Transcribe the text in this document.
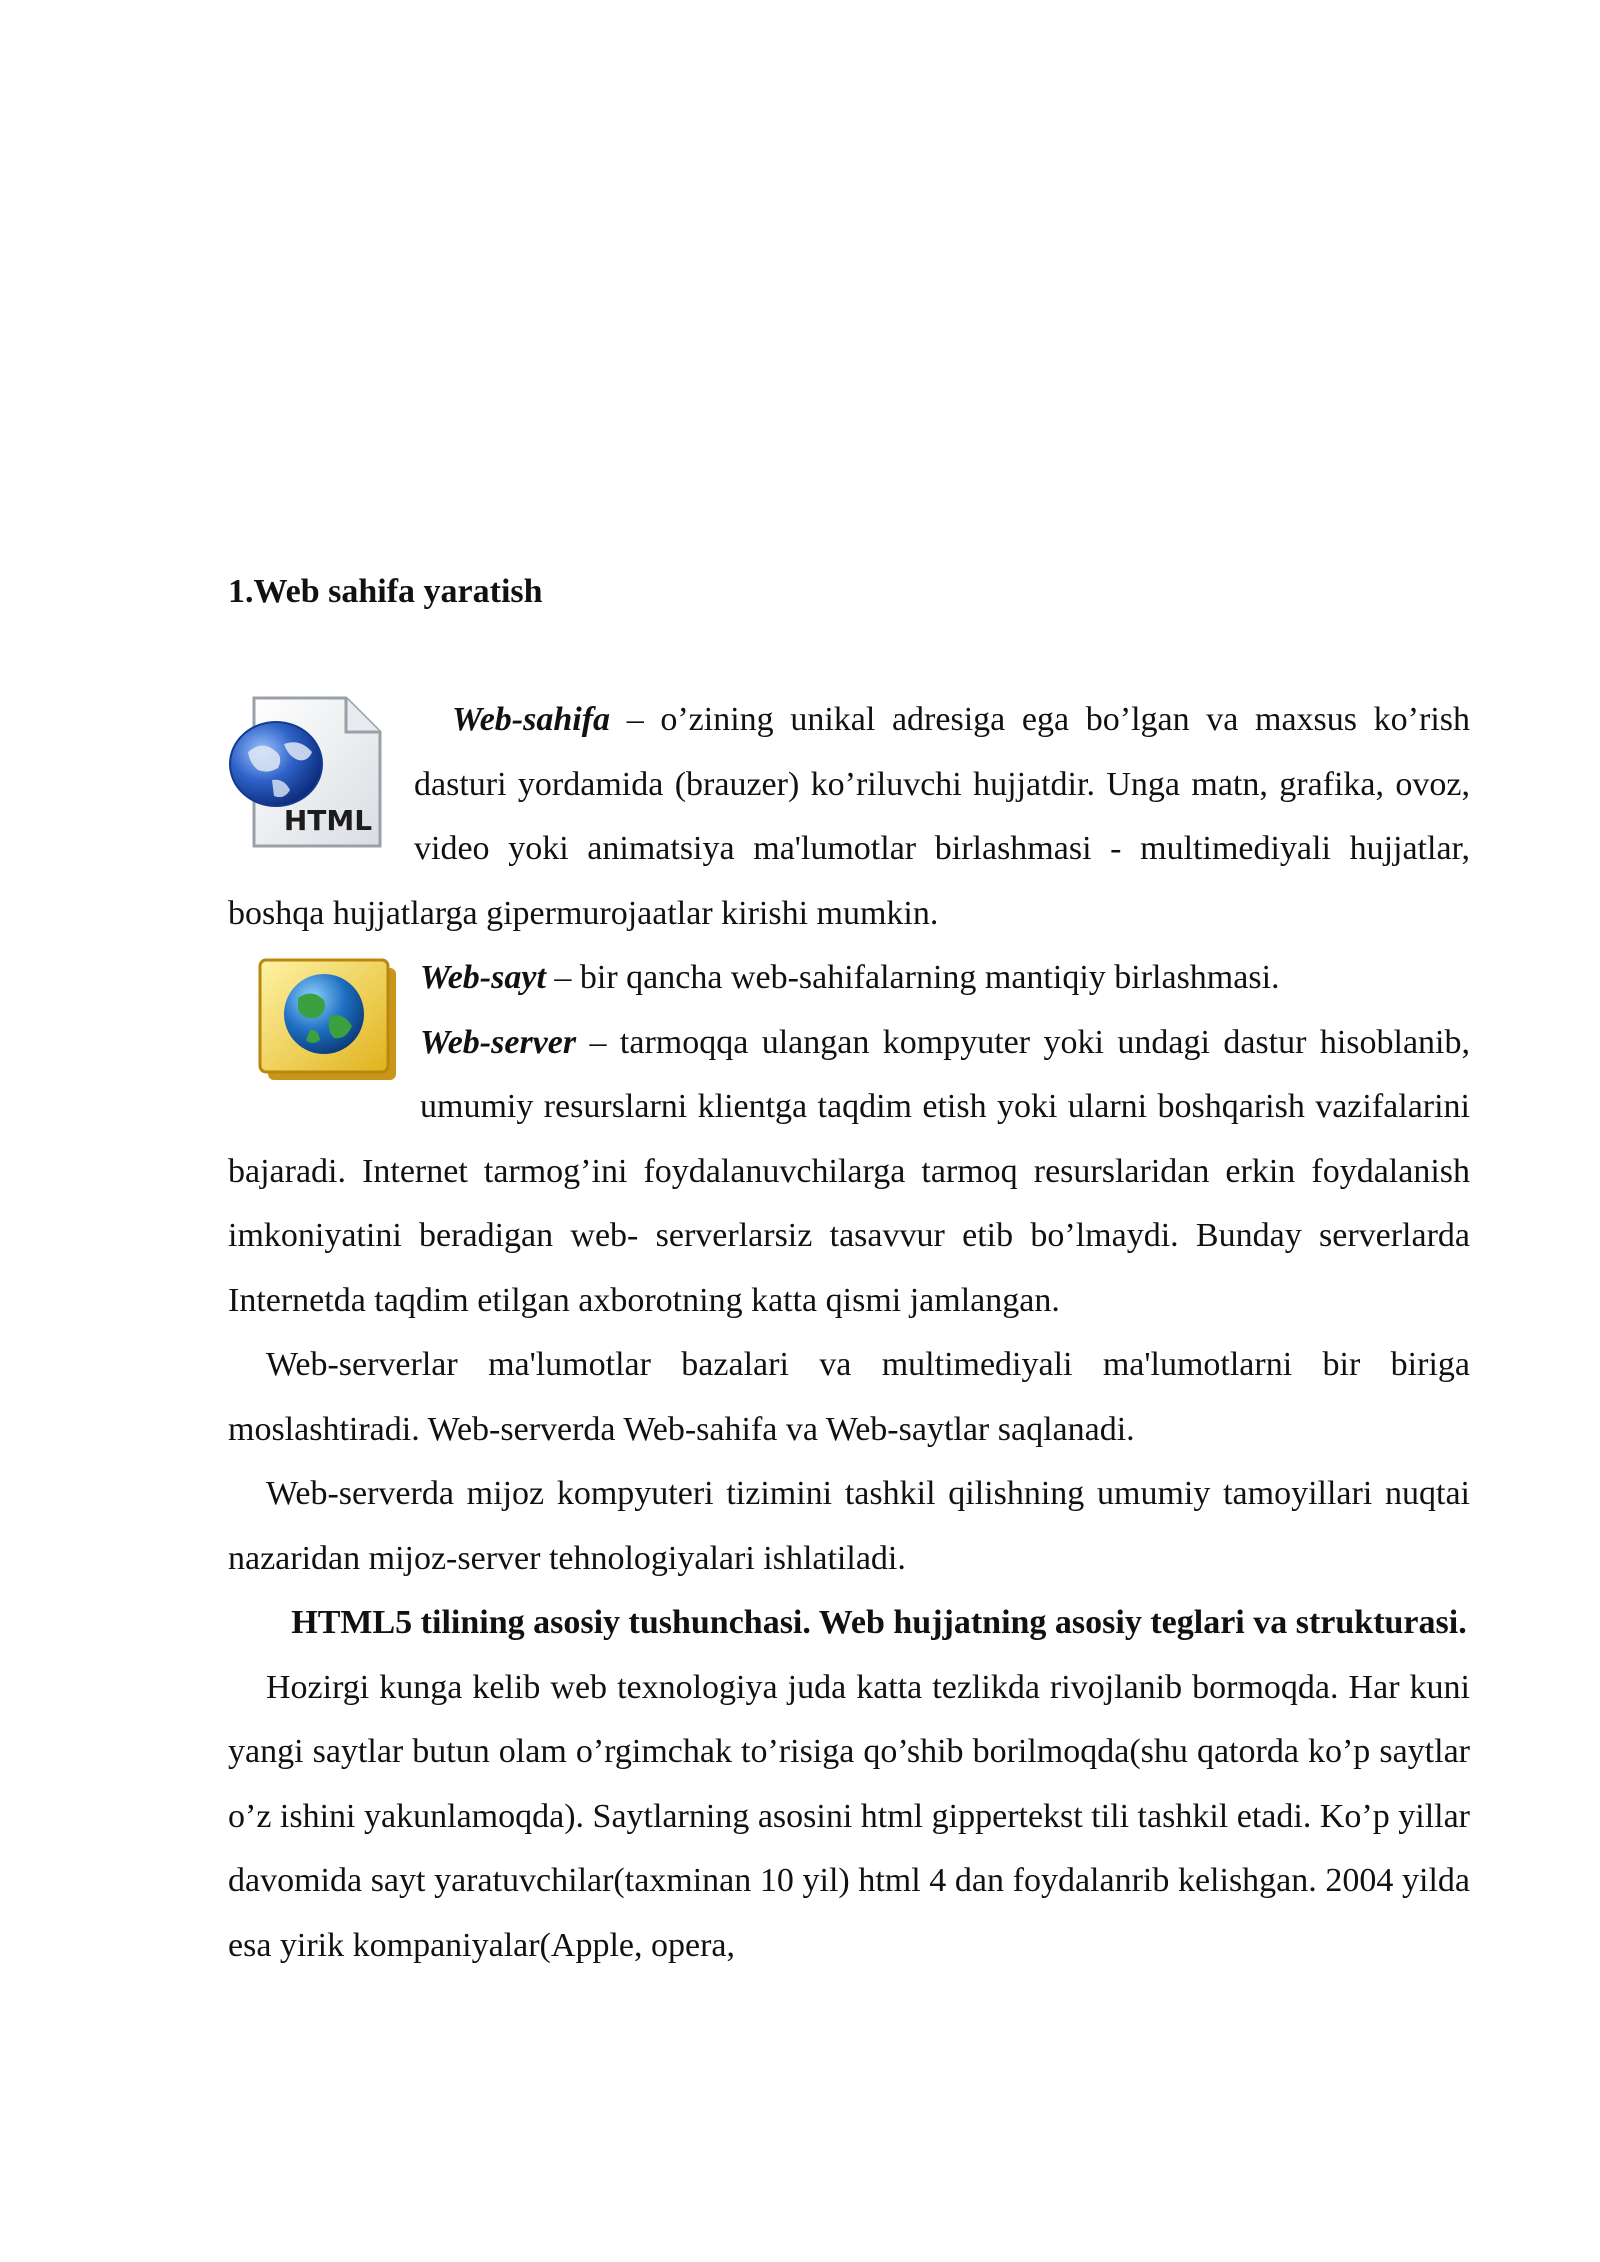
1.Web sahifa yaratish

HTML
Web-sahifa – o’zining unikal adresiga ega bo’lgan va maxsus ko’rish dasturi yordamida (brauzer) ko’riluvchi hujjatdir. Unga matn, grafika, ovoz, video yoki animatsiya ma'lumotlar birlashmasi - multimediyali hujjatlar, boshqa hujjatlarga gipermurojaatlar kirishi mumkin.

Web-sayt – bir qancha web-sahifalarning mantiqiy birlashmasi.

Web-server – tarmoqqa ulangan kompyuter yoki undagi dastur hisoblanib, umumiy resurslarni klientga taqdim etish yoki ularni boshqarish vazifalarini bajaradi. Internet tarmog’ini foydalanuvchilarga tarmoq resurslaridan erkin foydalanish imkoniyatini beradigan web- serverlarsiz tasavvur etib bo’lmaydi. Bunday serverlarda Internetda taqdim etilgan axborotning katta qismi jamlangan.

Web-serverlar ma'lumotlar bazalari va multimediyali ma'lumotlarni bir biriga moslashtiradi. Web-serverda Web-sahifa va Web-saytlar saqlanadi.

Web-serverda mijoz kompyuteri tizimini tashkil qilishning umumiy tamoyillari nuqtai nazaridan mijoz-server tehnologiyalari ishlatiladi.

HTML5 tilining asosiy tushunchasi. Web hujjatning asosiy teglari va strukturasi.

Hozirgi kunga kelib web texnologiya juda katta tezlikda rivojlanib bormoqda. Har kuni yangi saytlar butun olam o’rgimchak to’risiga qo’shib borilmoqda(shu qatorda ko’p saytlar o’z ishini yakunlamoqda). Saytlarning asosini html gippertekst tili tashkil etadi. Ko’p yillar davomida sayt yaratuvchilar(taxminan 10 yil) html 4 dan foydalanrib kelishgan. 2004 yilda esa yirik kompaniyalar(Apple, opera,
